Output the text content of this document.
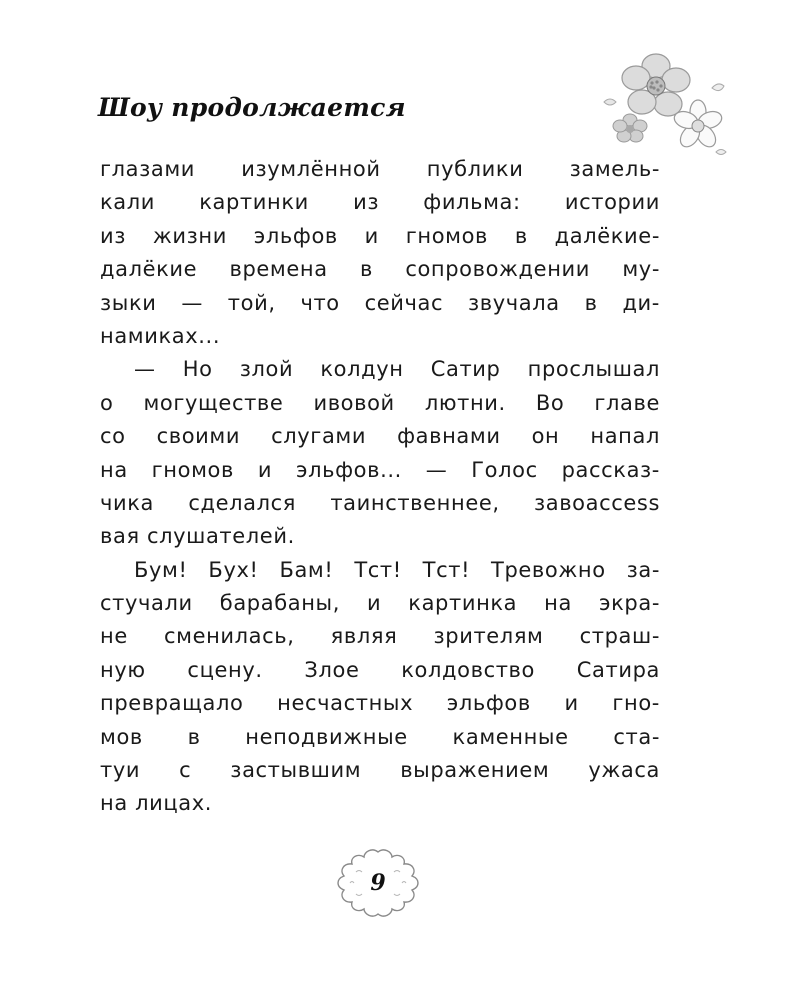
Шоу продолжается
глазами изумлённой публики замель-
кали картинки из фильма: истории
из жизни эльфов и гномов в далёкие-
далёкие времена в сопровождении му-
зыки — той, что сейчас звучала в ди-
намиках...
— Но злой колдун Сатир прослышал
о могуществе ивовой лютни. Во главе
со своими слугами фавнами он напал
на гномов и эльфов... — Голос рассказ-
чика сделался таинственнее, завоaccess
вая слушателей.
Бум! Бух! Бам! Тст! Тст! Тревожно за-
стучали барабаны, и картинка на экра-
не сменилась, являя зрителям страш-
ную сцену. Злое колдовство Сатира
превращало несчастных эльфов и гно-
мов в неподвижные каменные ста-
туи с застывшим выражением ужаса
на лицах.
9
